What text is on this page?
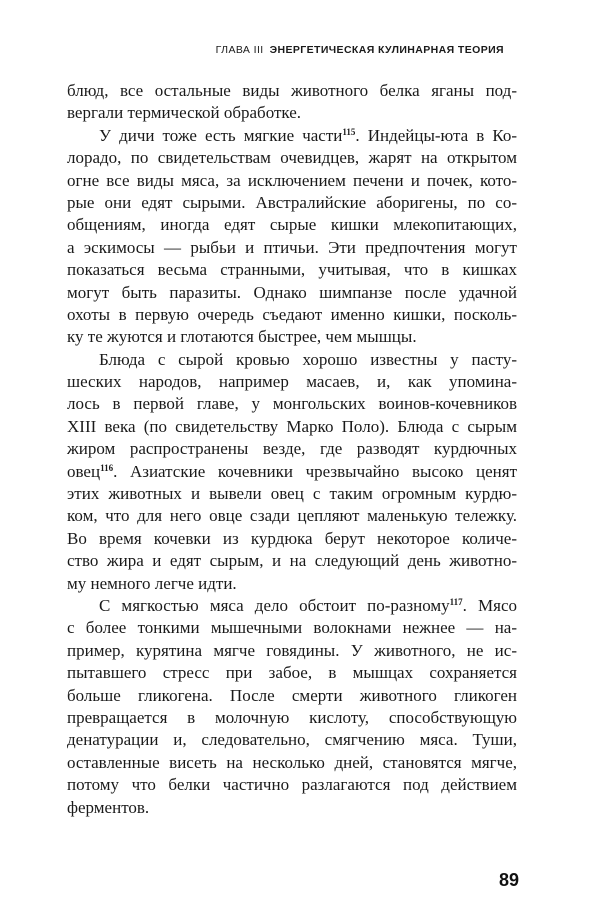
ГЛАВА III ЭНЕРГЕТИЧЕСКАЯ КУЛИНАРНАЯ ТЕОРИЯ
блюд, все остальные виды животного белка яганы под-
вергали термической обработке.
У дичи тоже есть мягкие части$^{115}$. Индейцы-юта в Ко-
лорадо, по свидетельствам очевидцев, жарят на открытом
огне все виды мяса, за исключением печени и почек, кото-
рые они едят сырыми. Австралийские аборигены, по со-
общениям, иногда едят сырые кишки млекопитающих,
а эскимосы — рыбьи и птичьи. Эти предпочтения могут
показаться весьма странными, учитывая, что в кишках
могут быть паразиты. Однако шимпанзе после удачной
охоты в первую очередь съедают именно кишки, посколь-
ку те жуются и глотаются быстрее, чем мышцы.
Блюда с сырой кровью хорошо известны у пасту-
шеских народов, например масаев, и, как упомина-
лось в первой главе, у монгольских воинов-кочевников
XIII века (по свидетельству Марко Поло). Блюда с сырым
жиром распространены везде, где разводят курдючных
овец$^{116}$. Азиатские кочевники чрезвычайно высоко ценят
этих животных и вывели овец с таким огромным курдю-
ком, что для него овце сзади цепляют маленькую тележку.
Во время кочевки из курдюка берут некоторое количе-
ство жира и едят сырым, и на следующий день животно-
му немного легче идти.
С мягкостью мяса дело обстоит по-разному$^{117}$. Мясо
с более тонкими мышечными волокнами нежнее — на-
пример, курятина мягче говядины. У животного, не ис-
пытавшего стресс при забое, в мышцах сохраняется
больше гликогена. После смерти животного гликоген
превращается в молочную кислоту, способствующую
денатурации и, следовательно, смягчению мяса. Туши,
оставленные висеть на несколько дней, становятся мягче,
потому что белки частично разлагаются под действием
ферментов.
89
